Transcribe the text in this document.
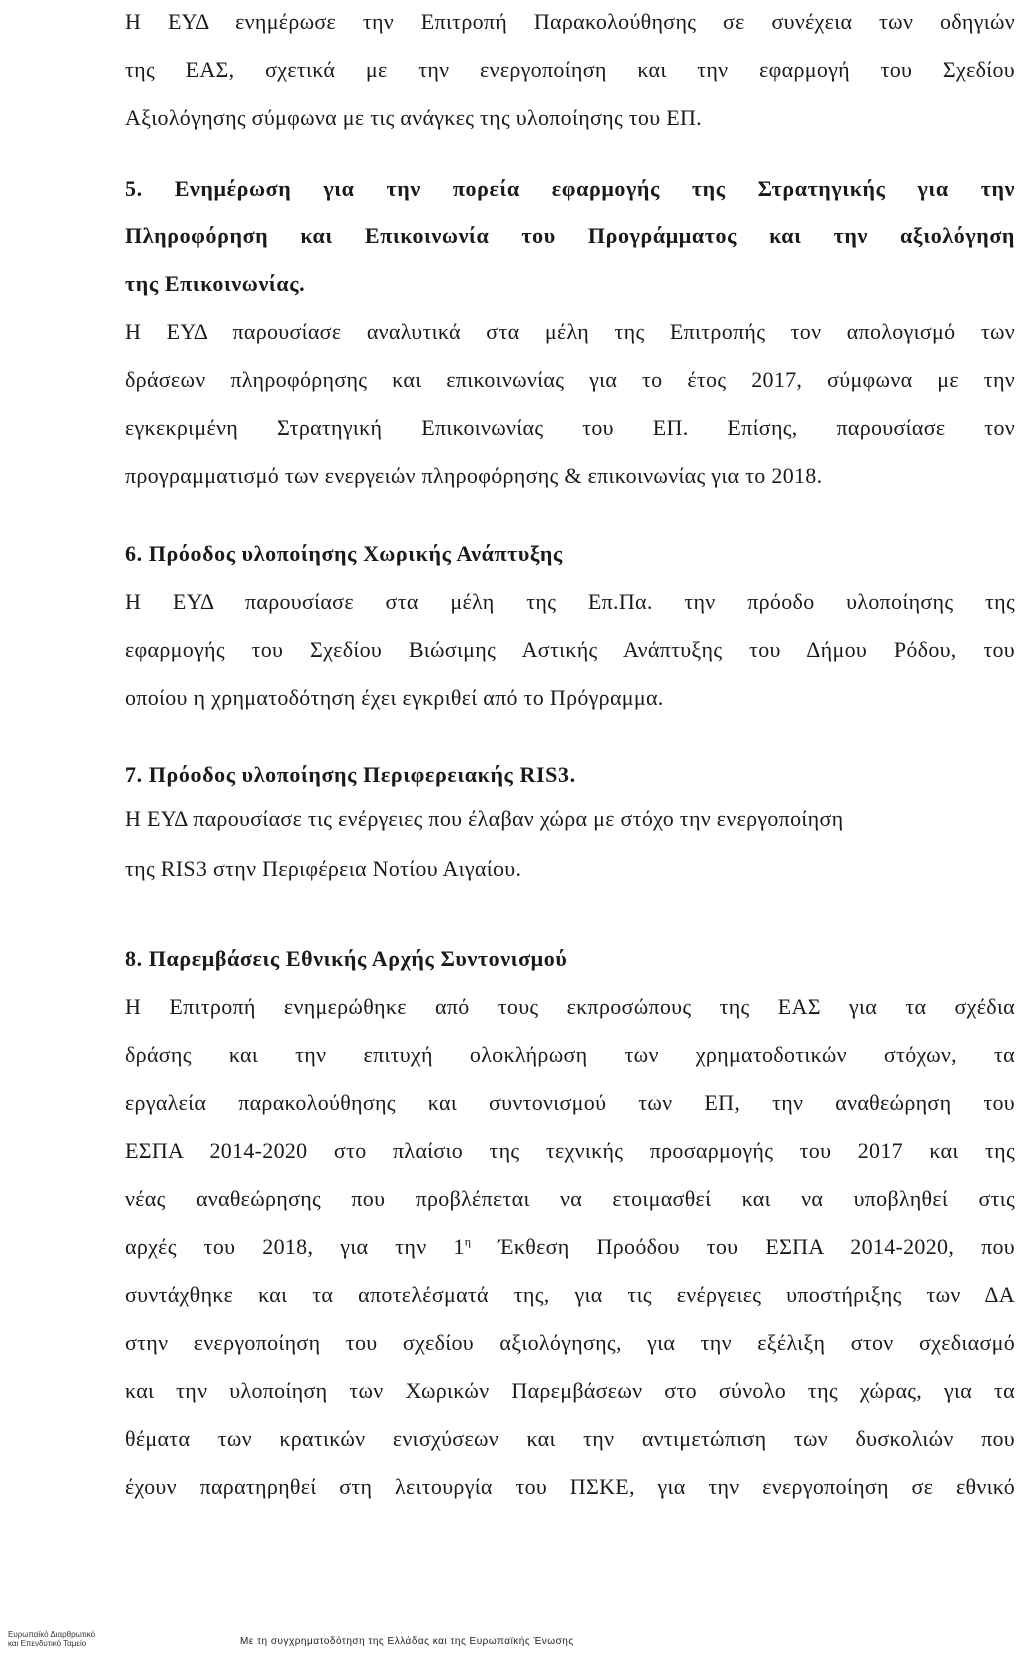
Η ΕΥΔ ενημέρωσε την Επιτροπή Παρακολούθησης σε συνέχεια των οδηγιών
της ΕΑΣ, σχετικά με την ενεργοποίηση και την εφαρμογή του Σχεδίου
Αξιολόγησης σύμφωνα με τις ανάγκες της υλοποίησης του ΕΠ.
5. Ενημέρωση για την πορεία εφαρμογής της Στρατηγικής για την
Πληροφόρηση και Επικοινωνία του Προγράμματος και την αξιολόγηση
της Επικοινωνίας.
Η ΕΥΔ παρουσίασε αναλυτικά στα μέλη της Επιτροπής τον απολογισμό των
δράσεων πληροφόρησης και επικοινωνίας για το έτος 2017, σύμφωνα με την
εγκεκριμένη Στρατηγική Επικοινωνίας του ΕΠ. Επίσης, παρουσίασε τον
προγραμματισμό των ενεργειών πληροφόρησης & επικοινωνίας για το 2018.
6. Πρόοδος υλοποίησης Χωρικής Ανάπτυξης
Η ΕΥΔ παρουσίασε στα μέλη της Επ.Πα. την πρόοδο υλοποίησης της
εφαρμογής του Σχεδίου Βιώσιμης Αστικής Ανάπτυξης του Δήμου Ρόδου, του
οποίου η χρηματοδότηση έχει εγκριθεί από το Πρόγραμμα.
7. Πρόοδος υλοποίησης Περιφερειακής RIS3.
Η ΕΥΔ παρουσίασε τις ενέργειες που έλαβαν χώρα με στόχο την ενεργοποίηση
της RIS3 στην Περιφέρεια Νοτίου Αιγαίου.
8. Παρεμβάσεις Εθνικής Αρχής Συντονισμού
Η Επιτροπή ενημερώθηκε από τους εκπροσώπους της ΕΑΣ για τα σχέδια
δράσης και την επιτυχή ολοκλήρωση των χρηματοδοτικών στόχων, τα
εργαλεία παρακολούθησης και συντονισμού των ΕΠ, την αναθεώρηση του
ΕΣΠΑ 2014-2020 στο πλαίσιο της τεχνικής προσαρμογής του 2017 και της
νέας αναθεώρησης που προβλέπεται να ετοιμασθεί και να υποβληθεί στις
αρχές του 2018, για την $1^\eta$ Έκθεση Προόδου του ΕΣΠΑ 2014-2020, που
συντάχθηκε και τα αποτελέσματά της, για τις ενέργειες υποστήριξης των ΔΑ
στην ενεργοποίηση του σχεδίου αξιολόγησης, για την εξέλιξη στον σχεδιασμό
και την υλοποίηση των Χωρικών Παρεμβάσεων στο σύνολο της χώρας, για τα
θέματα των κρατικών ενισχύσεων και την αντιμετώπιση των δυσκολιών που
έχουν παρατηρηθεί στη λειτουργία του ΠΣΚΕ, για την ενεργοποίηση σε εθνικό
Ευρωπαϊκό Διαρθρωτικό
και Επενδυτικό Ταμείο	Με τη συγχρηματοδότηση της Ελλάδας και της Ευρωπαϊκής Ένωσης
